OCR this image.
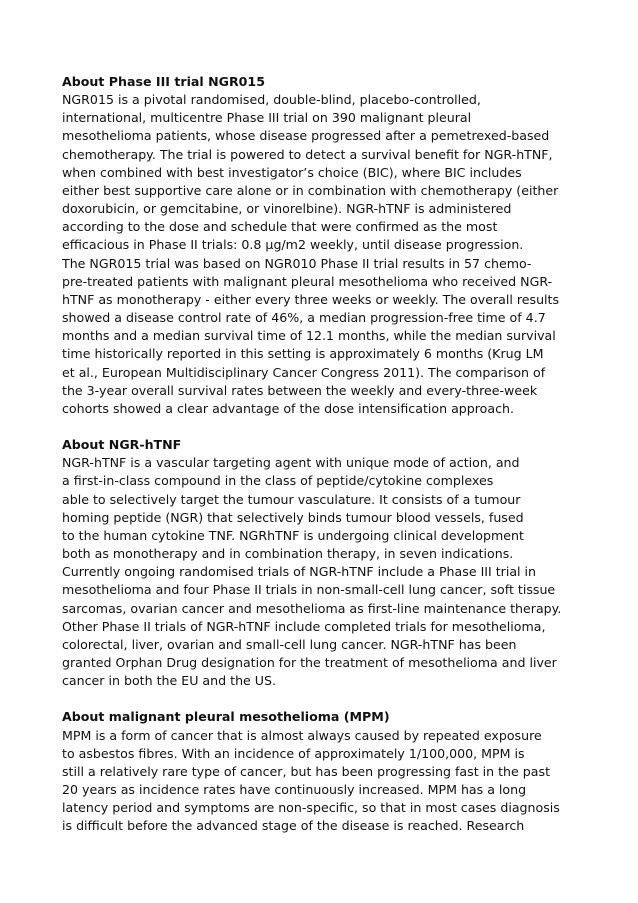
About Phase III trial NGR015
NGR015 is a pivotal randomised, double-blind, placebo-controlled,
international, multicentre Phase III trial on 390 malignant pleural
mesothelioma patients, whose disease progressed after a pemetrexed-based
chemotherapy. The trial is powered to detect a survival benefit for NGR-hTNF,
when combined with best investigator’s choice (BIC), where BIC includes
either best supportive care alone or in combination with chemotherapy (either
doxorubicin, or gemcitabine, or vinorelbine). NGR-hTNF is administered
according to the dose and schedule that were confirmed as the most
efficacious in Phase II trials: 0.8 µg/m2 weekly, until disease progression.
The NGR015 trial was based on NGR010 Phase II trial results in 57 chemo-
pre-treated patients with malignant pleural mesothelioma who received NGR-
hTNF as monotherapy - either every three weeks or weekly. The overall results
showed a disease control rate of 46%, a median progression-free time of 4.7
months and a median survival time of 12.1 months, while the median survival
time historically reported in this setting is approximately 6 months (Krug LM
et al., European Multidisciplinary Cancer Congress 2011). The comparison of
the 3-year overall survival rates between the weekly and every-three-week
cohorts showed a clear advantage of the dose intensification approach.
About NGR-hTNF
NGR-hTNF is a vascular targeting agent with unique mode of action, and
a first-in-class compound in the class of peptide/cytokine complexes
able to selectively target the tumour vasculature. It consists of a tumour
homing peptide (NGR) that selectively binds tumour blood vessels, fused
to the human cytokine TNF. NGRhTNF is undergoing clinical development
both as monotherapy and in combination therapy, in seven indications.
Currently ongoing randomised trials of NGR-hTNF include a Phase III trial in
mesothelioma and four Phase II trials in non-small-cell lung cancer, soft tissue
sarcomas, ovarian cancer and mesothelioma as first-line maintenance therapy.
Other Phase II trials of NGR-hTNF include completed trials for mesothelioma,
colorectal, liver, ovarian and small-cell lung cancer. NGR-hTNF has been
granted Orphan Drug designation for the treatment of mesothelioma and liver
cancer in both the EU and the US.
About malignant pleural mesothelioma (MPM)
MPM is a form of cancer that is almost always caused by repeated exposure
to asbestos fibres. With an incidence of approximately 1/100,000, MPM is
still a relatively rare type of cancer, but has been progressing fast in the past
20 years as incidence rates have continuously increased. MPM has a long
latency period and symptoms are non-specific, so that in most cases diagnosis
is difficult before the advanced stage of the disease is reached. Research
